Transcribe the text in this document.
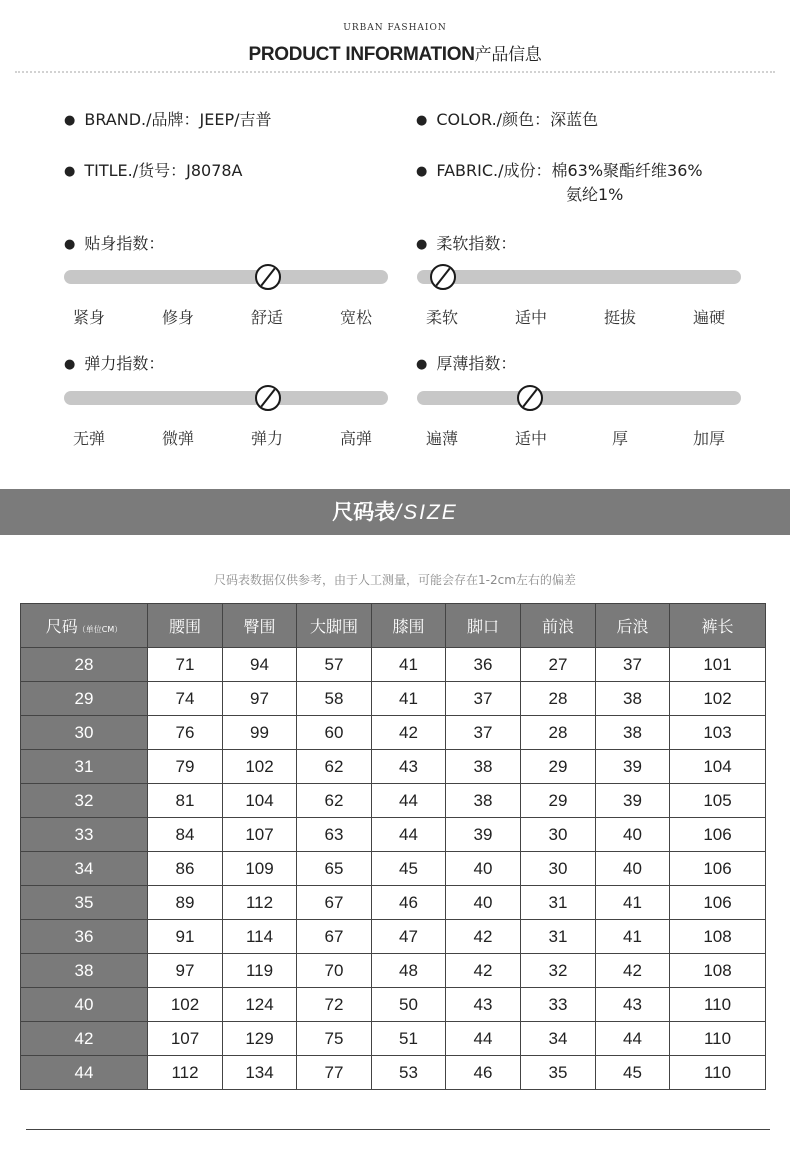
URBAN FASHAION
PRODUCT INFORMATION产品信息
● BRAND./品牌：JEEP/吉普	● COLOR./颜色：深蓝色
● TITLE./货号：J8078A	● FABRIC./成份：棉63%聚酯纤维36%
氨纶1%
● 贴身指数：
紧身	修身	舒适	宽松
● 柔软指数：
柔软	适中	挺拔	遍硬
● 弹力指数：
无弹	微弹	弹力	高弹
● 厚薄指数：
遍薄	适中	厚	加厚
尺码表/SIZE
尺码表数据仅供参考，由于人工测量，可能会存在1-2cm左右的偏差
尺码（单位CM）	腰围	臀围	大脚围	膝围	脚口	前浪	后浪	裤长
28	71	94	57	41	36	27	37	101
29	74	97	58	41	37	28	38	102
30	76	99	60	42	37	28	38	103
31	79	102	62	43	38	29	39	104
32	81	104	62	44	38	29	39	105
33	84	107	63	44	39	30	40	106
34	86	109	65	45	40	30	40	106
35	89	112	67	46	40	31	41	106
36	91	114	67	47	42	31	41	108
38	97	119	70	48	42	32	42	108
40	102	124	72	50	43	33	43	110
42	107	129	75	51	44	34	44	110
44	112	134	77	53	46	35	45	110
